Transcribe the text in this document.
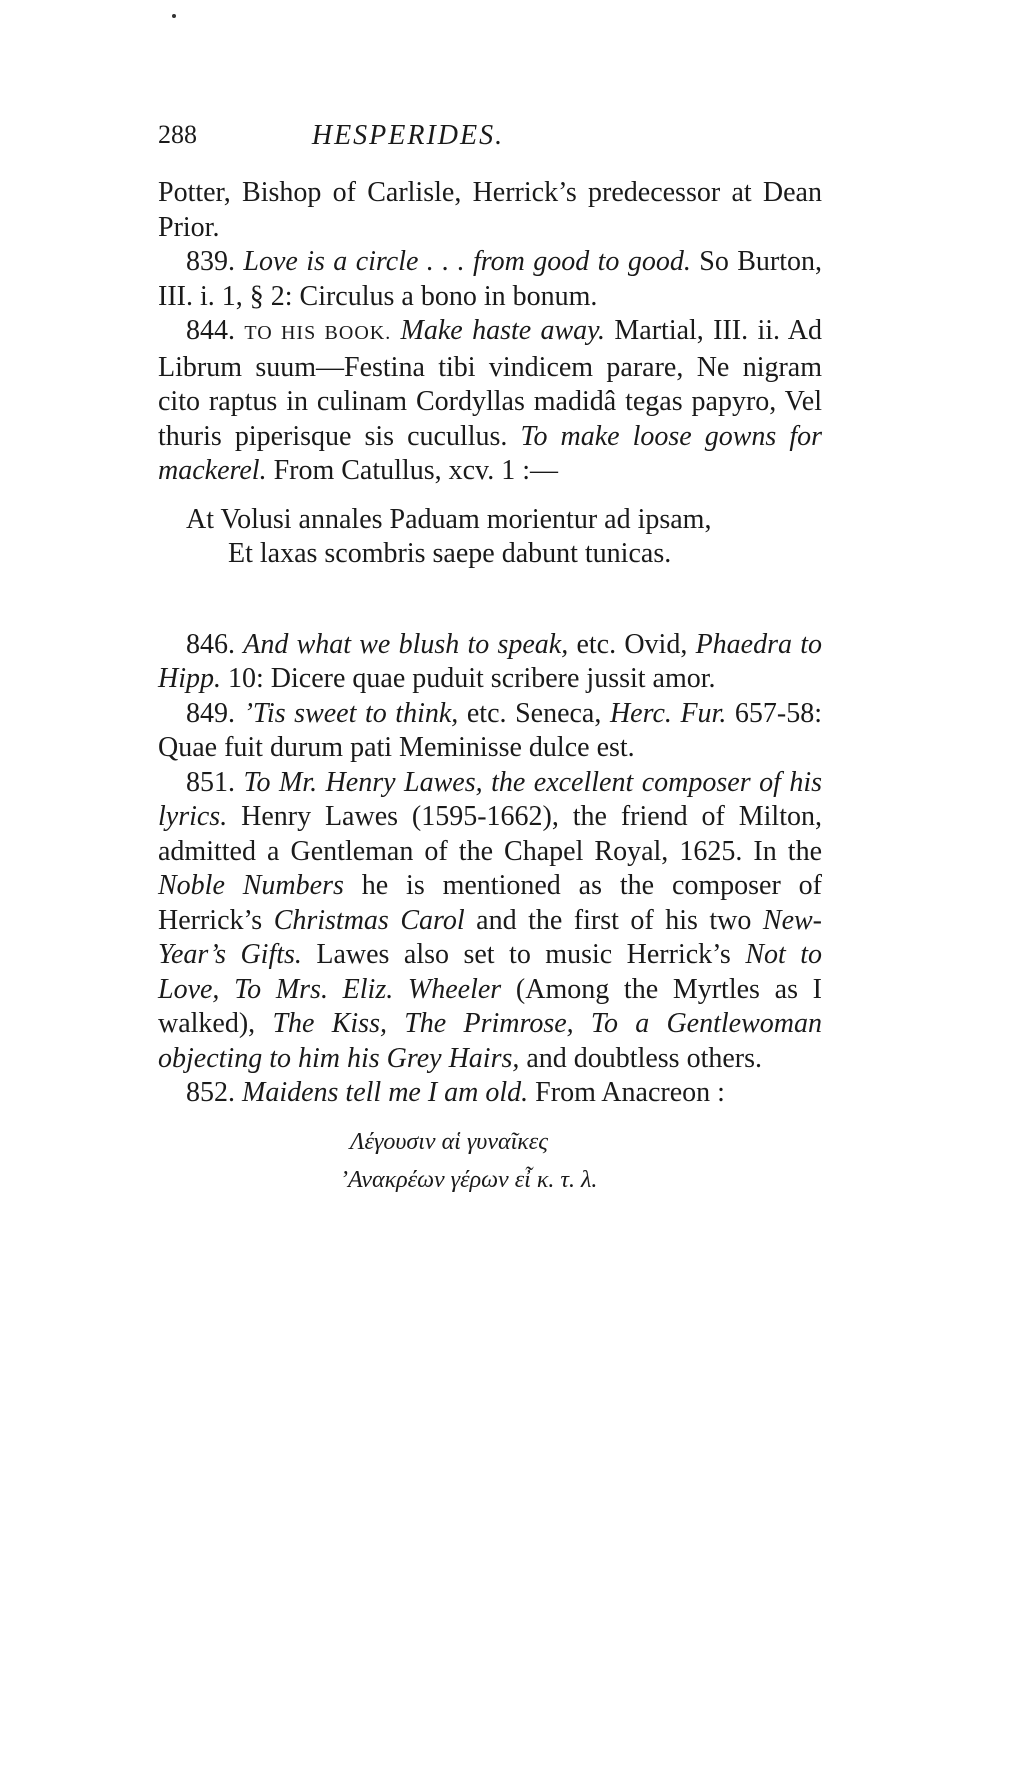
288	HESPERIDES.

Potter, Bishop of Carlisle, Herrick’s predecessor at Dean Prior.

839. Love is a circle . . . from good to good. So Burton, III. i. 1, § 2: Circulus a bono in bonum.

844. TO HIS BOOK. Make haste away. Martial, III. ii. Ad Librum suum—Festina tibi vindicem parare, Ne nigram cito raptus in culinam Cordyllas madidâ tegas papyro, Vel thuris piperisque sis cucullus. To make loose gowns for mackerel. From Catullus, xcv. 1 :—

At Volusi annales Paduam morientur ad ipsam,
Et laxas scombris saepe dabunt tunicas.

846. And what we blush to speak, etc. Ovid, Phaedra to Hipp. 10: Dicere quae puduit scribere jussit amor.

849. ’Tis sweet to think, etc. Seneca, Herc. Fur. 657-58: Quae fuit durum pati Meminisse dulce est.

851. To Mr. Henry Lawes, the excellent composer of his lyrics. Henry Lawes (1595-1662), the friend of Milton, admitted a Gentleman of the Chapel Royal, 1625. In the Noble Numbers he is mentioned as the composer of Herrick’s Christmas Carol and the first of his two New-Year’s Gifts. Lawes also set to music Herrick’s Not to Love, To Mrs. Eliz. Wheeler (Among the Myrtles as I walked), The Kiss, The Primrose, To a Gentlewoman objecting to him his Grey Hairs, and doubtless others.

852. Maidens tell me I am old. From Anacreon :

Λέγουσιν αἱ γυναῖκες
’Ανακρέων γέρων εἶ κ. τ. λ.
